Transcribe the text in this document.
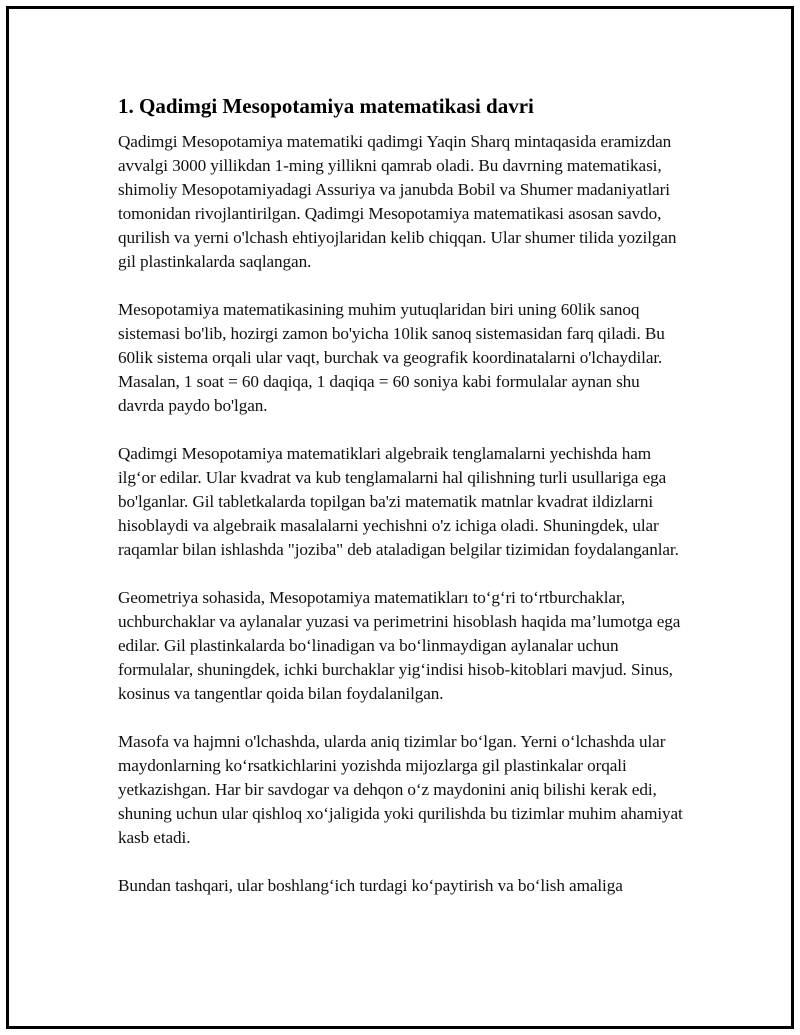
1. Qadimgi Mesopotamiya matematikasi davri

Qadimgi Mesopotamiya matematiki qadimgi Yaqin Sharq mintaqasida eramizdan avvalgi 3000 yillikdan 1-ming yillikni qamrab oladi. Bu davrning matematikasi, shimoliy Mesopotamiyadagi Assuriya va janubda Bobil va Shumer madaniyatlari tomonidan rivojlantirilgan. Qadimgi Mesopotamiya matematikasi asosan savdo, qurilish va yerni o'lchash ehtiyojlaridan kelib chiqqan. Ular shumer tilida yozilgan gil plastinkalarda saqlangan.

Mesopotamiya matematikasining muhim yutuqlaridan biri uning 60lik sanoq sistemasi bo'lib, hozirgi zamon bo'yicha 10lik sanoq sistemasidan farq qiladi. Bu 60lik sistema orqali ular vaqt, burchak va geografik koordinatalarni o'lchaydilar. Masalan, 1 soat = 60 daqiqa, 1 daqiqa = 60 soniya kabi formulalar aynan shu davrda paydo bo'lgan.

Qadimgi Mesopotamiya matematiklari algebraik tenglamalarni yechishda ham ilg‘or edilar. Ular kvadrat va kub tenglamalarni hal qilishning turli usullariga ega bo'lganlar. Gil tabletkalarda topilgan ba'zi matematik matnlar kvadrat ildizlarni hisoblaydi va algebraik masalalarni yechishni o'z ichiga oladi. Shuningdek, ular raqamlar bilan ishlashda "joziba" deb ataladigan belgilar tizimidan foydalanganlar.

Geometriya sohasida, Mesopotamiya matematikları to‘g‘ri to‘rtburchaklar, uchburchaklar va aylanalar yuzasi va perimetrini hisoblash haqida ma’lumotga ega edilar. Gil plastinkalarda bo‘linadigan va bo‘linmaydigan aylanalar uchun formulalar, shuningdek, ichki burchaklar yig‘indisi hisob-kitoblari mavjud. Sinus, kosinus va tangentlar qoida bilan foydalanilgan.

Masofa va hajmni o'lchashda, ularda aniq tizimlar bo‘lgan. Yerni o‘lchashda ular maydonlarning ko‘rsatkichlarini yozishda mijozlarga gil plastinkalar orqali yetkazishgan. Har bir savdogar va dehqon o‘z maydonini aniq bilishi kerak edi, shuning uchun ular qishloq xo‘jaligida yoki qurilishda bu tizimlar muhim ahamiyat kasb etadi.

Bundan tashqari, ular boshlang‘ich turdagi ko‘paytirish va bo‘lish amaliga
